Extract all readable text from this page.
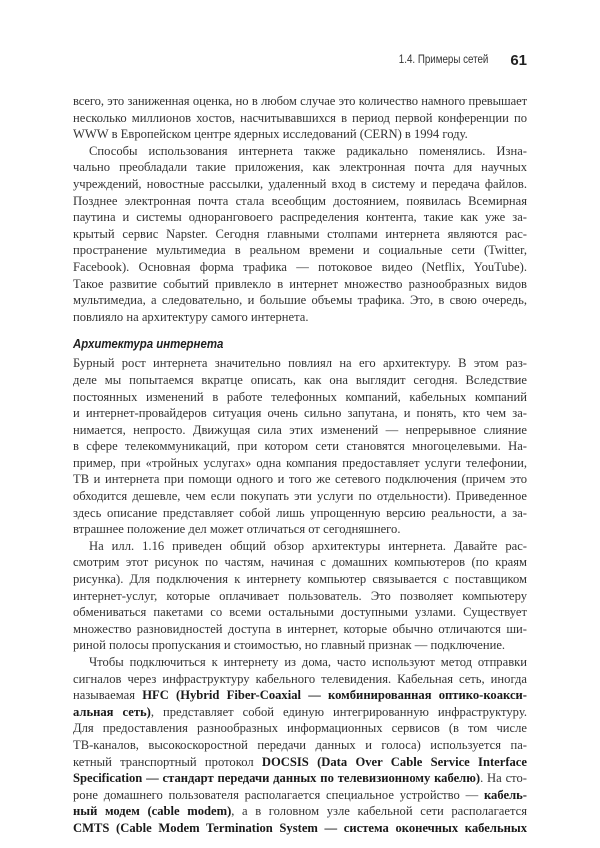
1.4. Примеры сетей 61
всего, это заниженная оценка, но в любом случае это количество намного превышает
несколько миллионов хостов, насчитывавшихся в период первой конференции по
WWW в Европейском центре ядерных исследований (CERN) в 1994 году.
Способы использования интернета также радикально поменялись. Изна-
чально преобладали такие приложения, как электронная почта для научных
учреждений, новостные рассылки, удаленный вход в систему и передача файлов.
Позднее электронная почта стала всеобщим достоянием, появилась Всемирная
паутина и системы одноранговоего распределения контента, такие как уже за-
крытый сервис Napster. Сегодня главными столпами интернета являются рас-
пространение мультимедиа в реальном времени и социальные сети (Twitter,
Facebook). Основная форма трафика — потоковое видео (Netflix, YouTube).
Такое развитие событий привлекло в интернет множество разнообразных видов
мультимедиа, а следовательно, и большие объемы трафика. Это, в свою очередь,
повлияло на архитектуру самого интернета.
Архитектура интернета
Бурный рост интернета значительно повлиял на его архитектуру. В этом раз-
деле мы попытаемся вкратце описать, как она выглядит сегодня. Вследствие
постоянных изменений в работе телефонных компаний, кабельных компаний
и интернет-провайдеров ситуация очень сильно запутана, и понять, кто чем за-
нимается, непросто. Движущая сила этих изменений — непрерывное слияние
в сфере телекоммуникаций, при котором сети становятся многоцелевыми. На-
пример, при «тройных услугах» одна компания предоставляет услуги телефонии,
ТВ и интернета при помощи одного и того же сетевого подключения (причем это
обходится дешевле, чем если покупать эти услуги по отдельности). Приведенное
здесь описание представляет собой лишь упрощенную версию реальности, а за-
втрашнее положение дел может отличаться от сегодняшнего.
На илл. 1.16 приведен общий обзор архитектуры интернета. Давайте рас-
смотрим этот рисунок по частям, начиная с домашних компьютеров (по краям
рисунка). Для подключения к интернету компьютер связывается с поставщиком
интернет-услуг, которые оплачивает пользователь. Это позволяет компьютеру
обмениваться пакетами со всеми остальными доступными узлами. Существует
множество разновидностей доступа в интернет, которые обычно отличаются ши-
риной полосы пропускания и стоимостью, но главный признак — подключение.
Чтобы подключиться к интернету из дома, часто используют метод отправки
сигналов через инфраструктуру кабельного телевидения. Кабельная сеть, иногда
называемая HFC (Hybrid Fiber-Coaxial — комбинированная оптико-коакси-
альная сеть), представляет собой единую интегрированную инфраструктуру.
Для предоставления разнообразных информационных сервисов (в том числе
ТВ-каналов, высокоскоростной передачи данных и голоса) используется па-
кетный транспортный протокол DOCSIS (Data Over Cable Service Interface
Specification — стандарт передачи данных по телевизионному кабелю). На сто-
роне домашнего пользователя располагается специальное устройство — кабель-
ный модем (cable modem), а в головном узле кабельной сети располагается
CMTS (Cable Modem Termination System — система оконечных кабельных
